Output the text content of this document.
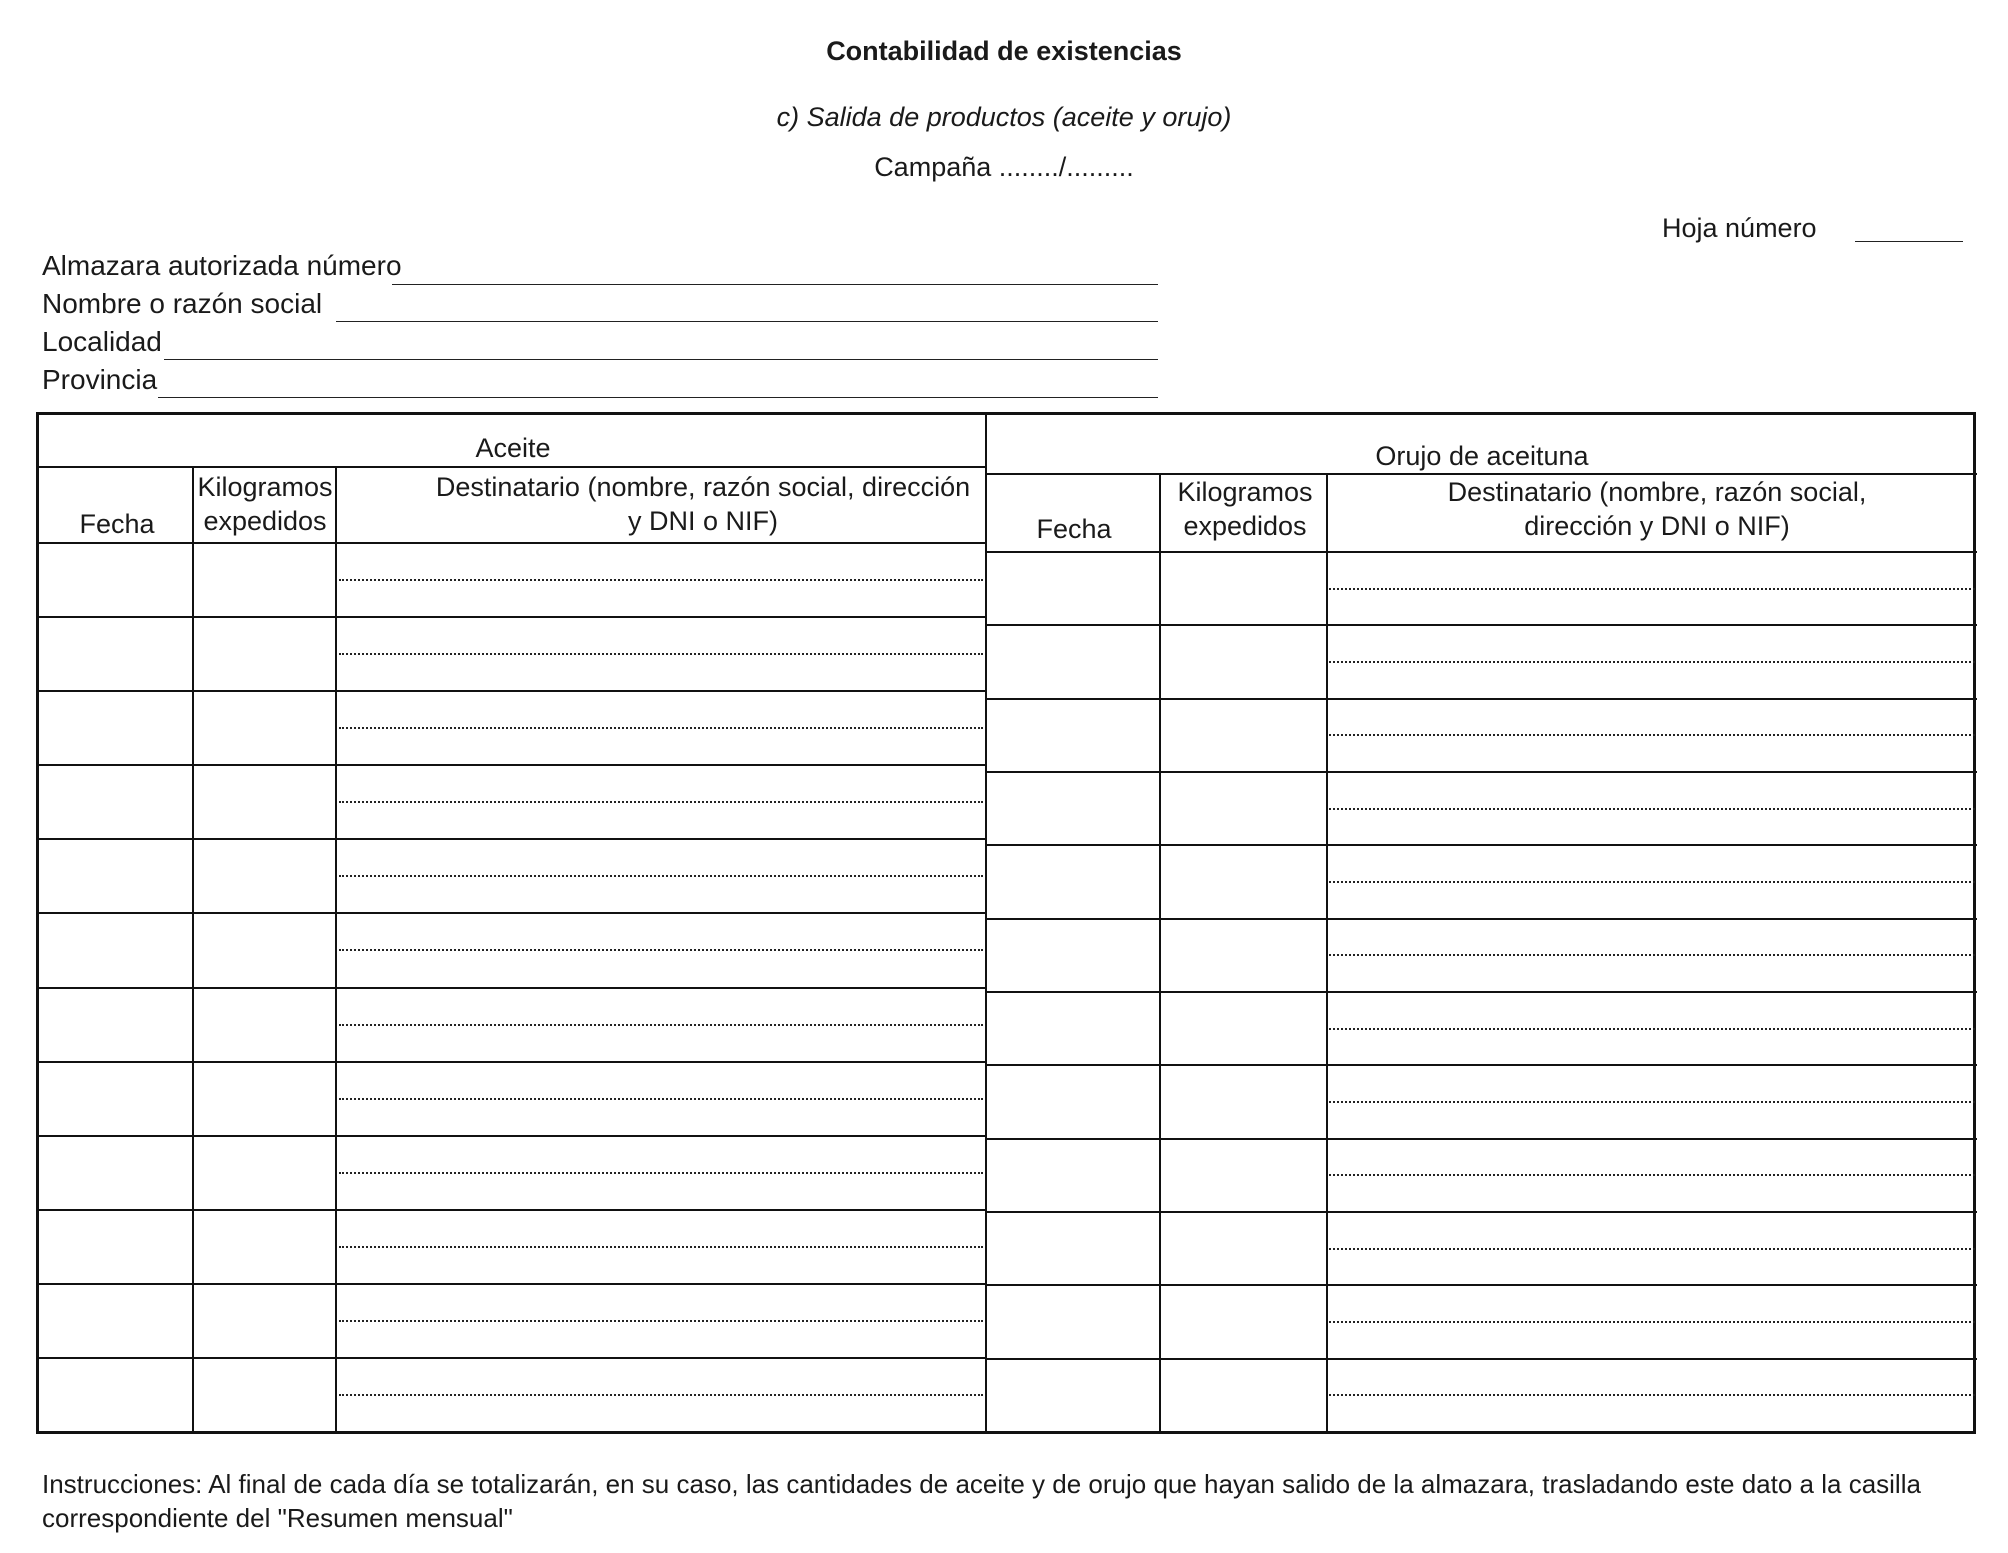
Contabilidad de existencias
c) Salida de productos (aceite y orujo)
Campaña ......../.........
Hoja número
Almazara autorizada número
Nombre o razón social
Localidad
Provincia
Aceite	Orujo de aceituna
Fecha
Kilogramos expedidos
Destinatario (nombre, razón social, dirección y DNI o NIF)	Fecha
Kilogramos expedidos
Destinatario (nombre, razón social, dirección y DNI o NIF)
Instrucciones: Al final de cada día se totalizarán, en su caso, las cantidades de aceite y de orujo que hayan salido de la almazara, trasladando este dato a la casilla correspondiente del "Resumen mensual"
